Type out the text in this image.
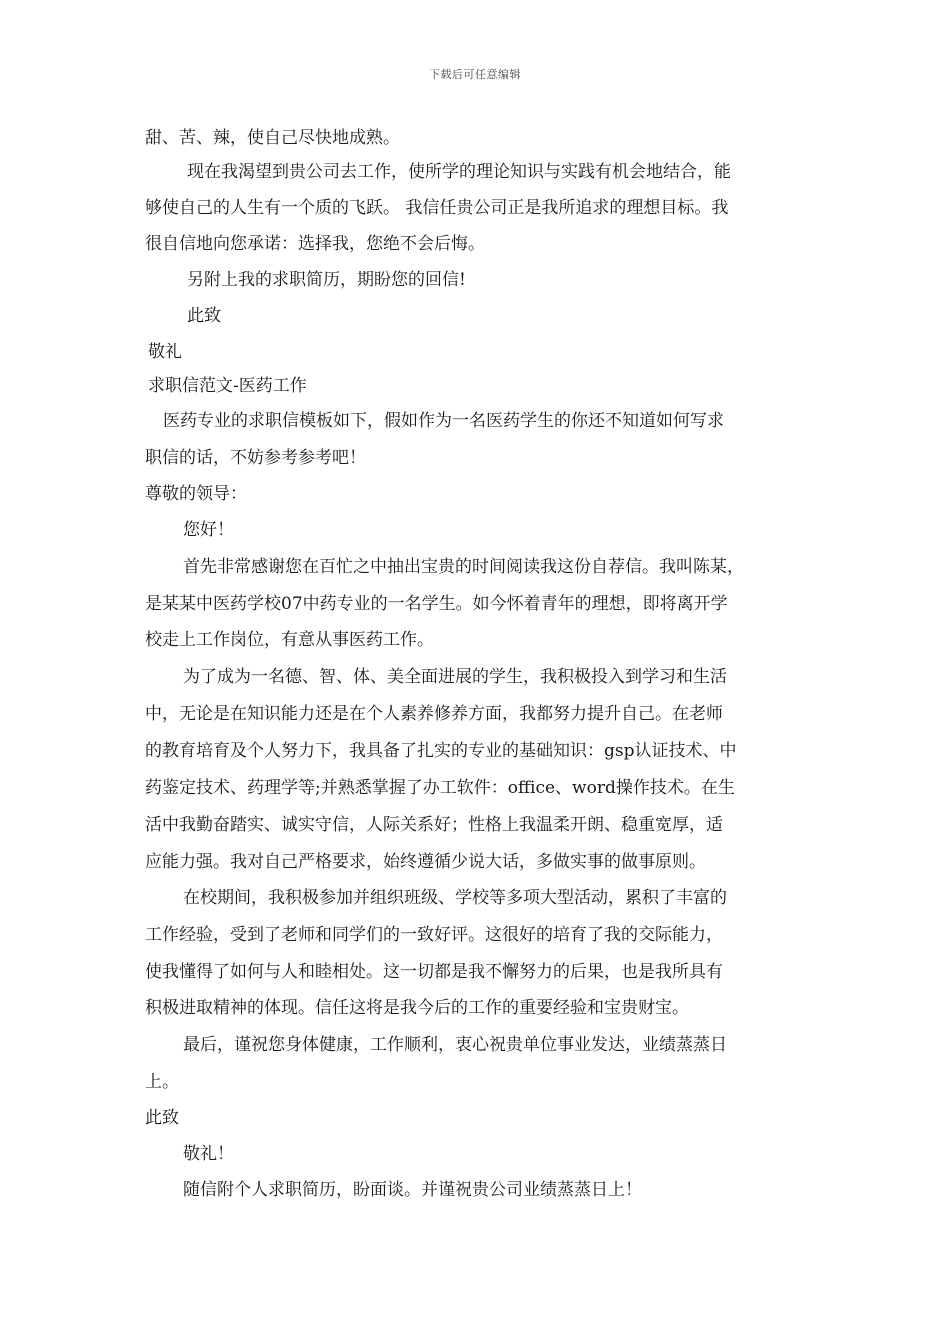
下载后可任意编辑
甜、苦、辣，使自己尽快地成熟。
现在我渴望到贵公司去工作，使所学的理论知识与实践有机会地结合，能
够使自己的人生有一个质的飞跃。 我信任贵公司正是我所追求的理想目标。我
很自信地向您承诺：选择我，您绝不会后悔。
另附上我的求职简历，期盼您的回信!
此致
敬礼
求职信范文-医药工作
医药专业的求职信模板如下，假如作为一名医药学生的你还不知道如何写求
职信的话，不妨参考参考吧！
尊敬的领导：
您好！
首先非常感谢您在百忙之中抽出宝贵的时间阅读我这份自荐信。我叫陈某，
是某某中医药学校07中药专业的一名学生。如今怀着青年的理想，即将离开学
校走上工作岗位，有意从事医药工作。
为了成为一名德、智、体、美全面进展的学生，我积极投入到学习和生活
中，无论是在知识能力还是在个人素养修养方面，我都努力提升自己。在老师
的教育培育及个人努力下，我具备了扎实的专业的基础知识：gsp认证技术、中
药鉴定技术、药理学等;并熟悉掌握了办工软件：office、word操作技术。在生
活中我勤奋踏实、诚实守信，人际关系好；性格上我温柔开朗、稳重宽厚，适
应能力强。我对自己严格要求，始终遵循少说大话，多做实事的做事原则。
在校期间，我积极参加并组织班级、学校等多项大型活动，累积了丰富的
工作经验，受到了老师和同学们的一致好评。这很好的培育了我的交际能力，
使我懂得了如何与人和睦相处。这一切都是我不懈努力的后果，也是我所具有
积极进取精神的体现。信任这将是我今后的工作的重要经验和宝贵财宝。
最后，谨祝您身体健康，工作顺利，衷心祝贵单位事业发达，业绩蒸蒸日
上。
此致
敬礼！
随信附个人求职简历，盼面谈。并谨祝贵公司业绩蒸蒸日上！
